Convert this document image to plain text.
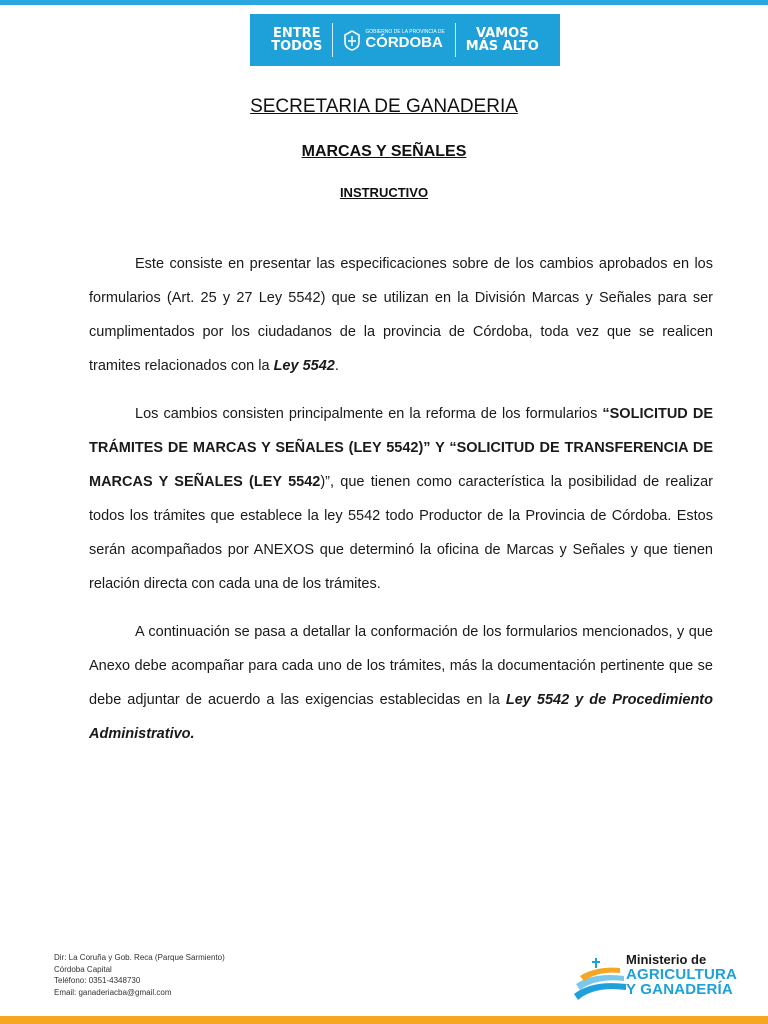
ENTRE
TODOS
GOBIERNO DE LA PROVINCIA DE
CÓRDOBA
VAMOS
MÁS ALTO
SECRETARIA DE GANADERIA
MARCAS Y SEÑALES
INSTRUCTIVO

Este consiste en presentar las especificaciones sobre de los cambios aprobados en los formularios (Art. 25 y 27 Ley 5542) que se utilizan en la División Marcas y Señales para ser cumplimentados por los ciudadanos de la provincia de Córdoba, toda vez que se realicen tramites relacionados con la Ley 5542.

Los cambios consisten principalmente en la reforma de los formularios “SOLICITUD DE TRÁMITES DE MARCAS Y SEÑALES (LEY 5542)” Y “SOLICITUD DE TRANSFERENCIA DE MARCAS Y SEÑALES (LEY 5542)”, que tienen como característica la posibilidad de realizar todos los trámites que establece la ley 5542 todo Productor de la Provincia de Córdoba. Estos serán acompañados por ANEXOS que determinó la oficina de Marcas y Señales y que tienen relación directa con cada una de los trámites.

A continuación se pasa a detallar la conformación de los formularios mencionados, y que Anexo debe acompañar para cada uno de los trámites, más la documentación pertinente que se debe adjuntar de acuerdo a las exigencias establecidas en la Ley 5542 y de Procedimiento Administrativo.

Dir: La Coruña y Gob. Reca (Parque Sarmiento)
Córdoba Capital
Teléfono: 0351-4348730
Email: ganaderiacba@gmail.com
Ministerio de
AGRICULTURA
Y GANADERÍA
